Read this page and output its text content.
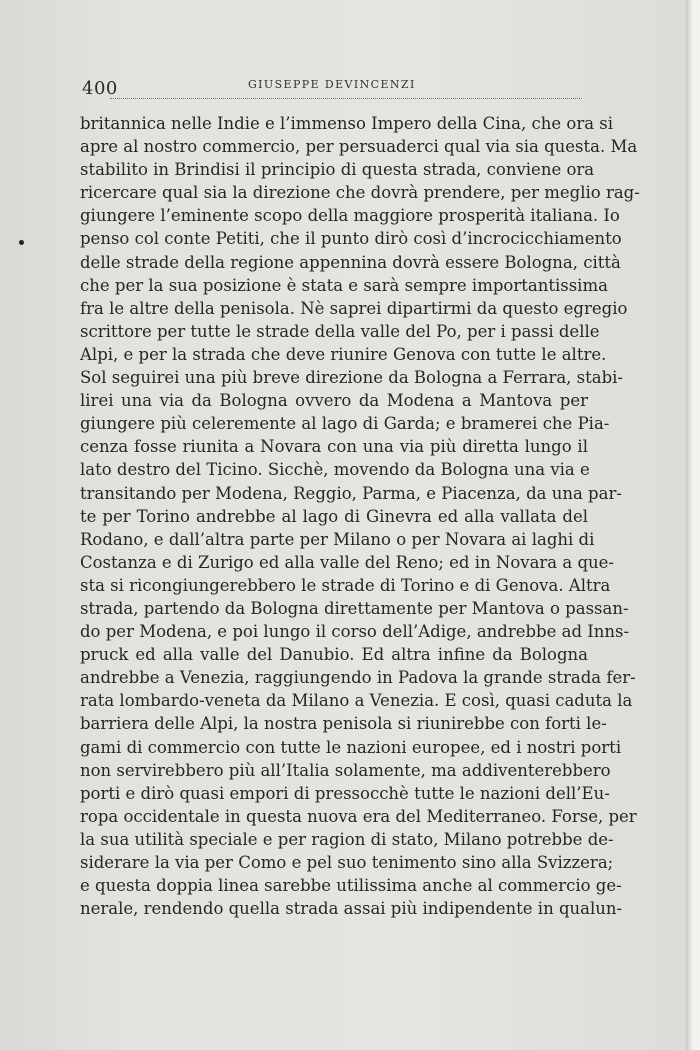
400	GIUSEPPE DEVINCENZI
britannica nelle Indie e l’immenso Impero della Cina, che ora si
apre al nostro commercio, per persuaderci qual via sia questa. Ma
stabilito in Brindisi il principio di questa strada, conviene ora
ricercare qual sia la direzione che dovrà prendere, per meglio rag-
giungere l’eminente scopo della maggiore prosperità italiana. Io
penso col conte Petiti, che il punto dirò così d’incrocicchiamento
delle strade della regione appennina dovrà essere Bologna, città
che per la sua posizione è stata e sarà sempre importantissima
fra le altre della penisola. Nè saprei dipartirmi da questo egregio
scrittore per tutte le strade della valle del Po, per i passi delle
Alpi, e per la strada che deve riunire Genova con tutte le altre.
Sol seguirei una più breve direzione da Bologna a Ferrara, stabi-
lirei una via da Bologna ovvero da Modena a Mantova per
giungere più celeremente al lago di Garda; e bramerei che Pia-
cenza fosse riunita a Novara con una via più diretta lungo il
lato destro del Ticino. Sicchè, movendo da Bologna una via e
transitando per Modena, Reggio, Parma, e Piacenza, da una par-
te per Torino andrebbe al lago di Ginevra ed alla vallata del
Rodano, e dall’altra parte per Milano o per Novara ai laghi di
Costanza e di Zurigo ed alla valle del Reno; ed in Novara a que-
sta si ricongiungerebbero le strade di Torino e di Genova. Altra
strada, partendo da Bologna direttamente per Mantova o passan-
do per Modena, e poi lungo il corso dell’Adige, andrebbe ad Inns-
pruck ed alla valle del Danubio. Ed altra infine da Bologna
andrebbe a Venezia, raggiungendo in Padova la grande strada fer-
rata lombardo-veneta da Milano a Venezia. E così, quasi caduta la
barriera delle Alpi, la nostra penisola si riunirebbe con forti le-
gami di commercio con tutte le nazioni europee, ed i nostri porti
non servirebbero più all’Italia solamente, ma addiventerebbero
porti e dirò quasi empori di pressocchè tutte le nazioni dell’Eu-
ropa occidentale in questa nuova era del Mediterraneo. Forse, per
la sua utilità speciale e per ragion di stato, Milano potrebbe de-
siderare la via per Como e pel suo tenimento sino alla Svizzera;
e questa doppia linea sarebbe utilissima anche al commercio ge-
nerale, rendendo quella strada assai più indipendente in qualun-
